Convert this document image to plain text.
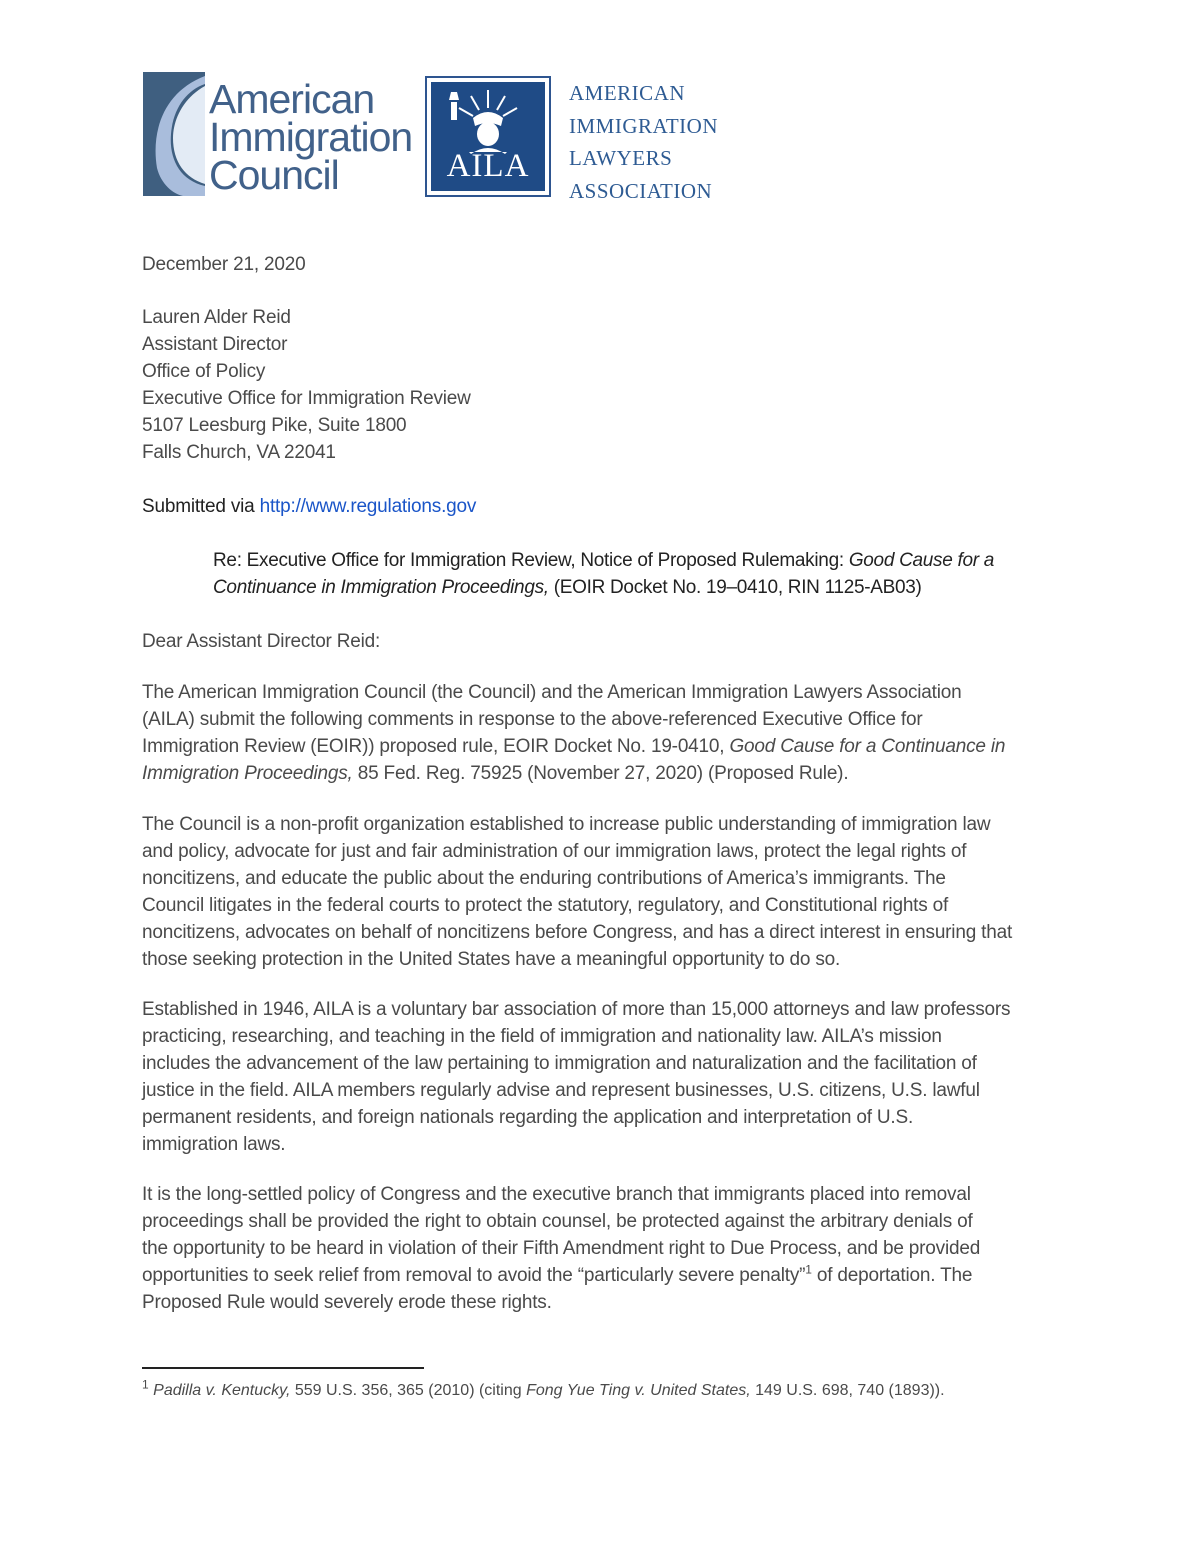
American
Immigration
Council	AILA
AMERICAN
IMMIGRATION
LAWYERS
ASSOCIATION
December 21, 2020
Lauren Alder Reid
Assistant Director
Office of Policy
Executive Office for Immigration Review
5107 Leesburg Pike, Suite 1800
Falls Church, VA 22041
Submitted via http://www.regulations.gov
Re: Executive Office for Immigration Review, Notice of Proposed Rulemaking: Good Cause for a
Continuance in Immigration Proceedings, (EOIR Docket No. 19–0410, RIN 1125-AB03)
Dear Assistant Director Reid:
The American Immigration Council (the Council) and the American Immigration Lawyers Association
(AILA) submit the following comments in response to the above-referenced Executive Office for
Immigration Review (EOIR)) proposed rule, EOIR Docket No. 19-0410, Good Cause for a Continuance in
Immigration Proceedings, 85 Fed. Reg. 75925 (November 27, 2020) (Proposed Rule).
The Council is a non-profit organization established to increase public understanding of immigration law
and policy, advocate for just and fair administration of our immigration laws, protect the legal rights of
noncitizens, and educate the public about the enduring contributions of America’s immigrants. The
Council litigates in the federal courts to protect the statutory, regulatory, and Constitutional rights of
noncitizens, advocates on behalf of noncitizens before Congress, and has a direct interest in ensuring that
those seeking protection in the United States have a meaningful opportunity to do so.
Established in 1946, AILA is a voluntary bar association of more than 15,000 attorneys and law professors
practicing, researching, and teaching in the field of immigration and nationality law. AILA’s mission
includes the advancement of the law pertaining to immigration and naturalization and the facilitation of
justice in the field. AILA members regularly advise and represent businesses, U.S. citizens, U.S. lawful
permanent residents, and foreign nationals regarding the application and interpretation of U.S.
immigration laws.
It is the long-settled policy of Congress and the executive branch that immigrants placed into removal
proceedings shall be provided the right to obtain counsel, be protected against the arbitrary denials of
the opportunity to be heard in violation of their Fifth Amendment right to Due Process, and be provided
opportunities to seek relief from removal to avoid the “particularly severe penalty”$^1$ of deportation. The
Proposed Rule would severely erode these rights.
$^1$ Padilla v. Kentucky, 559 U.S. 356, 365 (2010) (citing Fong Yue Ting v. United States, 149 U.S. 698, 740 (1893)).
